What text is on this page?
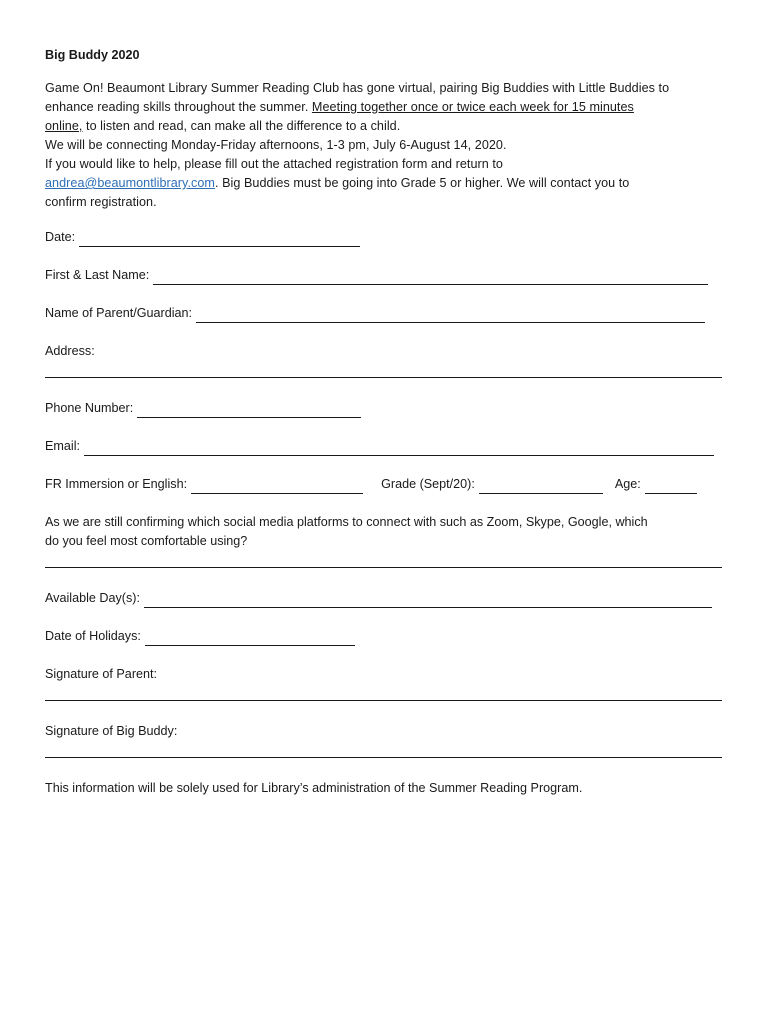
Big Buddy 2020
Game On! Beaumont Library Summer Reading Club has gone virtual, pairing Big Buddies with Little Buddies to
enhance reading skills throughout the summer. Meeting together once or twice each week for 15 minutes
online, to listen and read, can make all the difference to a child.
We will be connecting Monday-Friday afternoons, 1-3 pm, July 6-August 14, 2020.
If you would like to help, please fill out the attached registration form and return to
andrea@beaumontlibrary.com. Big Buddies must be going into Grade 5 or higher. We will contact you to
confirm registration.
Date:
First & Last Name:
Name of Parent/Guardian:
Address:
Phone Number:
Email:
FR Immersion or English:	Grade (Sept/20):	Age:
As we are still confirming which social media platforms to connect with such as Zoom, Skype, Google, which
do you feel most comfortable using?
Available Day(s):
Date of Holidays:
Signature of Parent:
Signature of Big Buddy:
This information will be solely used for Library’s administration of the Summer Reading Program.
